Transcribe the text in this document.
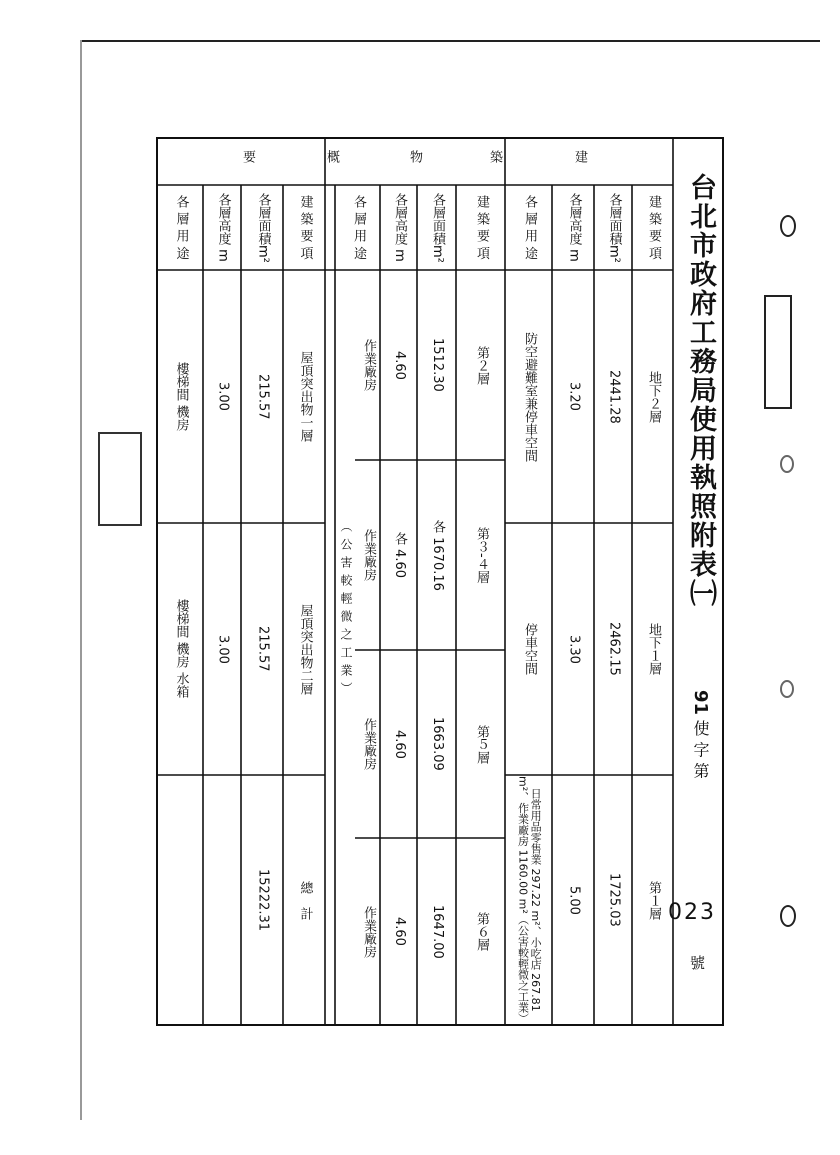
台北市政府工務局使用執照附表㈠
91 使 字 第
023
號
建
築
物
概
要
建 築 要 項
各層面積m²
各層高度 m
各 層 用 途
地下２層
地下１層
第１層
2441.28
2462.15
1725.03
3.20
3.30
5.00
防空避難室兼停車空間
停車空間
日常用品零售業 297.22 m²、小吃店 267.81 m²、作業廠房 1160.00 m²（公害較輕微之工業）
建 築 要 項
各層面積m²
各層高度 m
各 層 用 途
第２層
第３-４層
第５層
第６層
1512.30
各 1670.16
1663.09
1647.00
4.60
各 4.60
4.60
4.60
作業廠房
作業廠房
作業廠房
作業廠房
（公害較輕微之工業）
建 築 要 項
各層面積m²
各層高度 m
各 層 用 途
屋頂突出物一層
屋頂突出物二層
總　計
215.57
215.57
15222.31
3.00
3.00
樓梯間 機房
樓梯間 機房 水箱
